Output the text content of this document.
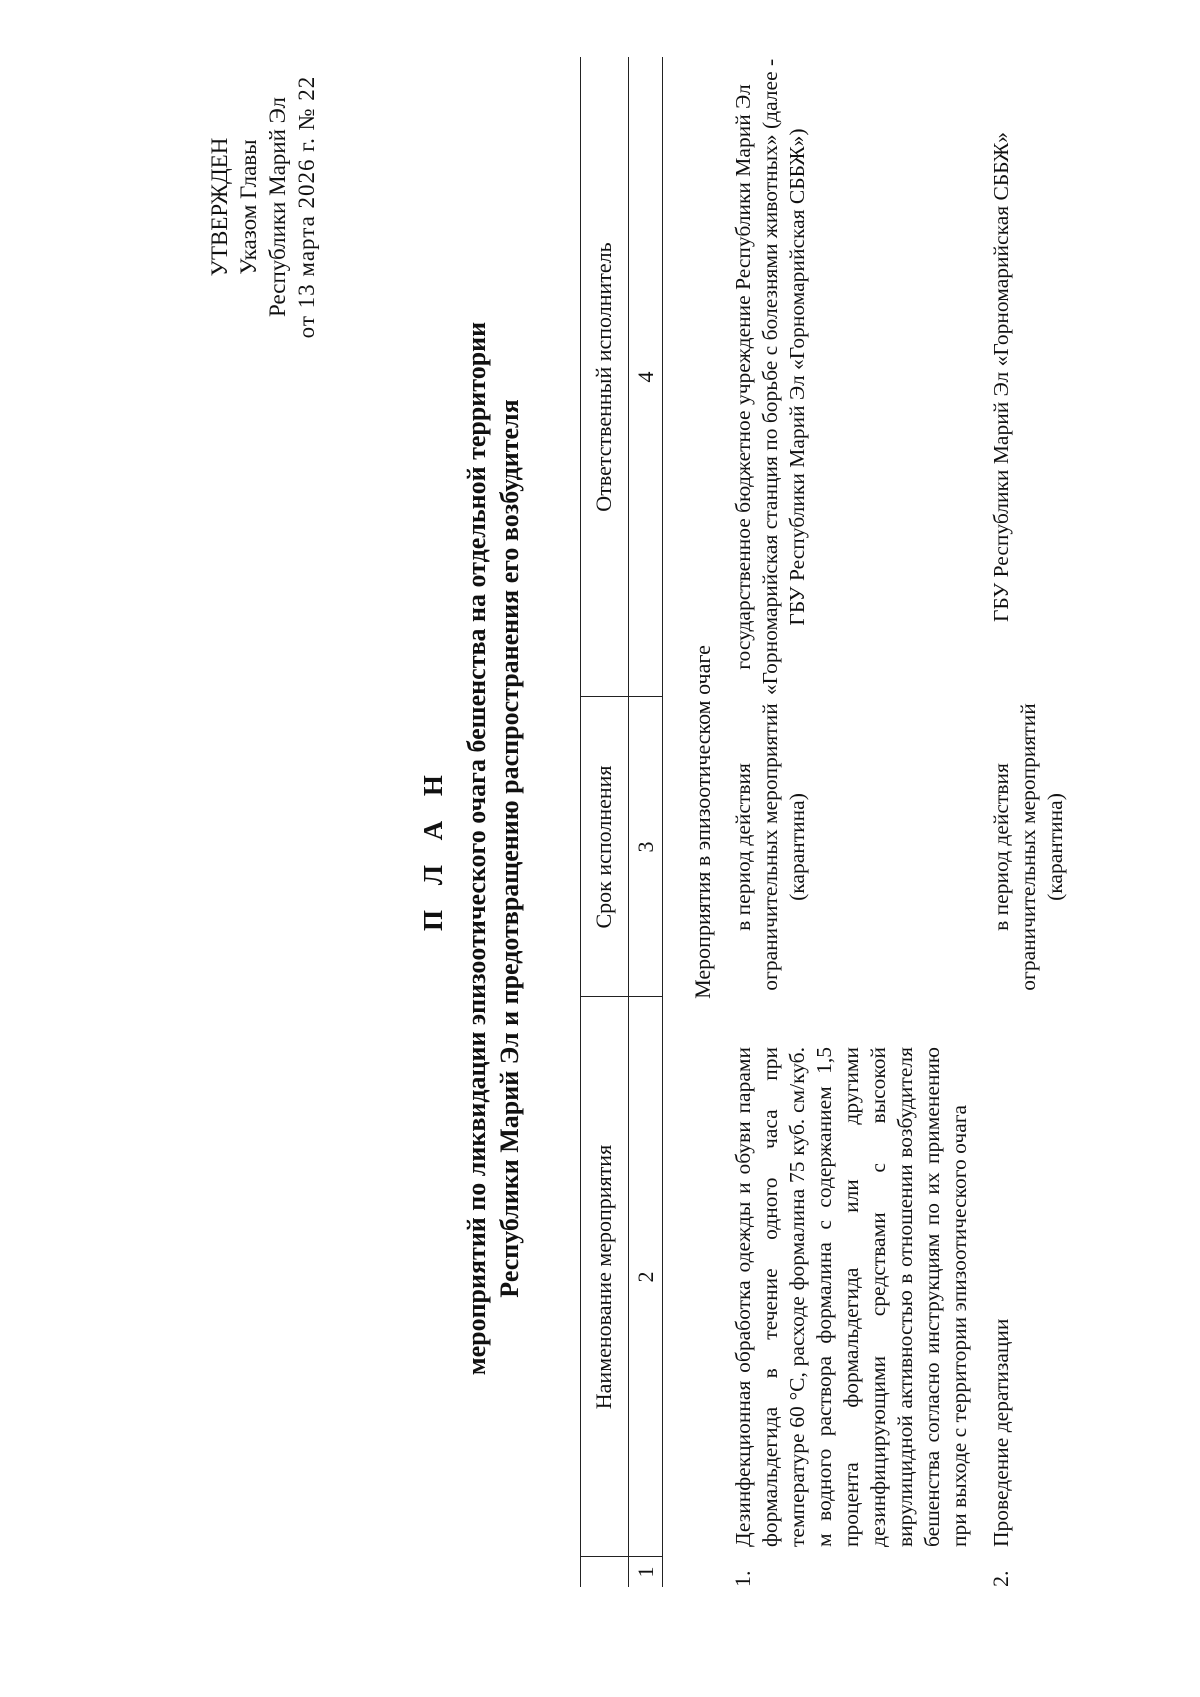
УТВЕРЖДЕН Указом Главы Республики Марий Эл от 13 марта 2026 г. № 22
П Л А Н мероприятий по ликвидации эпизоотического очага бешенства на отдельной территории Республики Марий Эл и предотвращению распространения его возбудителя	Наименование мероприятия
Срок исполнения
Ответственный исполнитель
1
2
3
4
Мероприятия в эпизоотическом очаге
1.
Дезинфекционная обработка одежды и обуви парами формальдегида в течение одного часа при температуре 60 °С, расходе формалина 75 куб. см/куб. м водного раствора формалина с содержанием 1,5 процента формальдегида или другими дезинфицирующими средствами с высокой вирулицидной активностью в отношении возбудителя бешенства согласно инструкциям по их применению при выходе с территории эпизоотического очага
в период действия ограничительных мероприятий (карантина)
государственное бюджетное учреждение Республики Марий Эл «Горномарийская станция по борьбе с болезнями животных» (далее - ГБУ Республики Марий Эл «Горномарийская СББЖ»)
2.
Проведение дератизации
в период действия ограничительных мероприятий (карантина)
ГБУ Республики Марий Эл «Горномарийская СББЖ»
